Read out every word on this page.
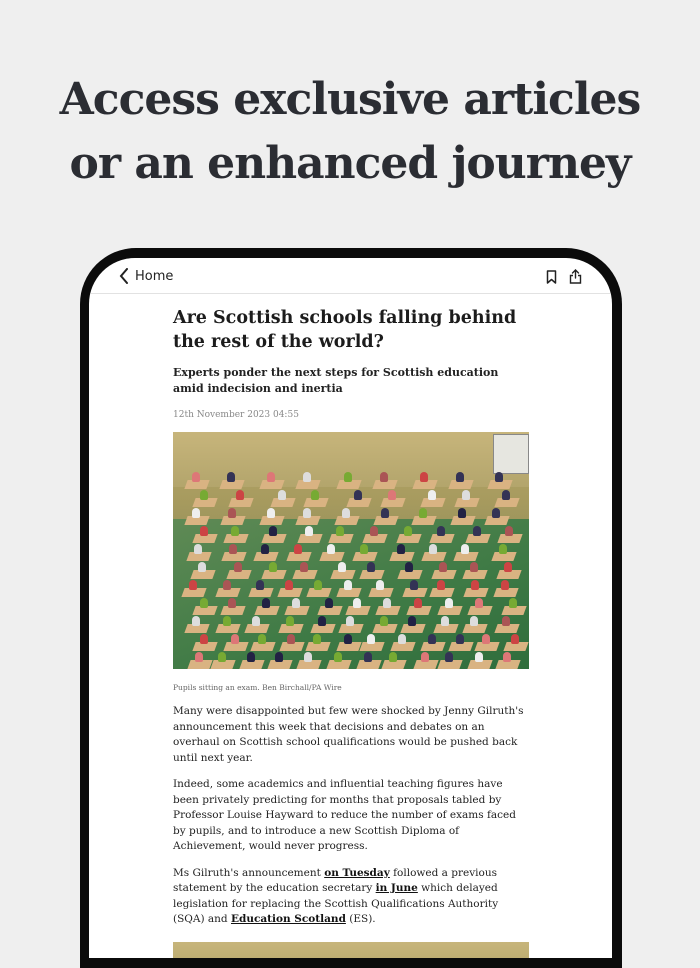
Access exclusive articles
or an enhanced journey
Home
Are Scottish schools falling behind the rest of the world?

Experts ponder the next steps for Scottish education amid indecision and inertia

12th November 2023 04:55

Pupils sitting an exam. Ben Birchall/PA Wire

Many were disappointed but few were shocked by Jenny Gilruth's announcement this week that decisions and debates on an overhaul on Scottish school qualifications would be pushed back until next year.

Indeed, some academics and influential teaching figures have been privately predicting for months that proposals tabled by Professor Louise Hayward to reduce the number of exams faced by pupils, and to introduce a new Scottish Diploma of Achievement, would never progress.

Ms Gilruth's announcement on Tuesday followed a previous statement by the education secretary in June which delayed legislation for replacing the Scottish Qualifications Authority (SQA) and Education Scotland (ES).
